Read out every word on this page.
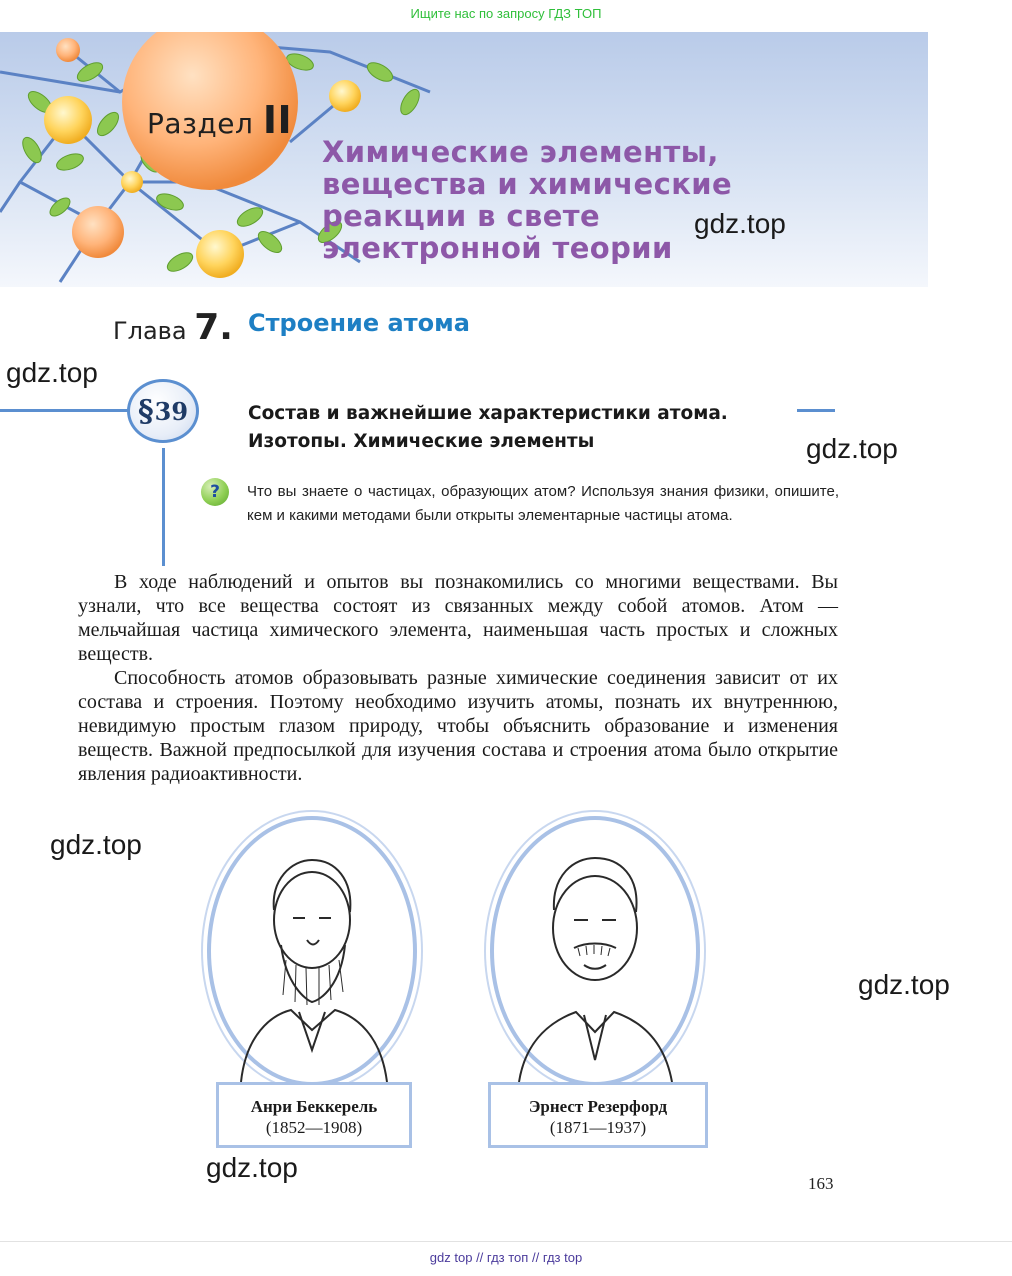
Ищите нас по запросу ГДЗ ТОП
Раздел II
Химические элементы,
вещества и химические
реакции в свете
электронной теории
gdz.top
gdz.top
gdz.top
gdz.top
gdz.top
gdz.top
Глава 7. Строение атома
§ 39	Состав и важнейшие характеристики атома.
Изотопы. Химические элементы
? Что вы знаете о частицах, образующих атом? Используя знания физики, опишите, кем и какими методами были открыты элементарные частицы атома.

В ходе наблюдений и опытов вы познакомились со многими веществами. Вы узнали, что все вещества состоят из связанных между собой атомов. Атом — мельчайшая частица химического элемента, наименьшая часть простых и сложных веществ.

Способность атомов образовывать разные химические соединения зависит от их состава и строения. Поэтому необходимо изучить атомы, познать их внутреннюю, невидимую простым глазом природу, чтобы объяснить образование и изменения веществ. Важной предпосылкой для изучения состава и строения атома было открытие явления радиоактивности.

Анри Беккерель
(1852—1908)
Эрнест Резерфорд
(1871—1937)
163
gdz top // гдз топ // гдз top
